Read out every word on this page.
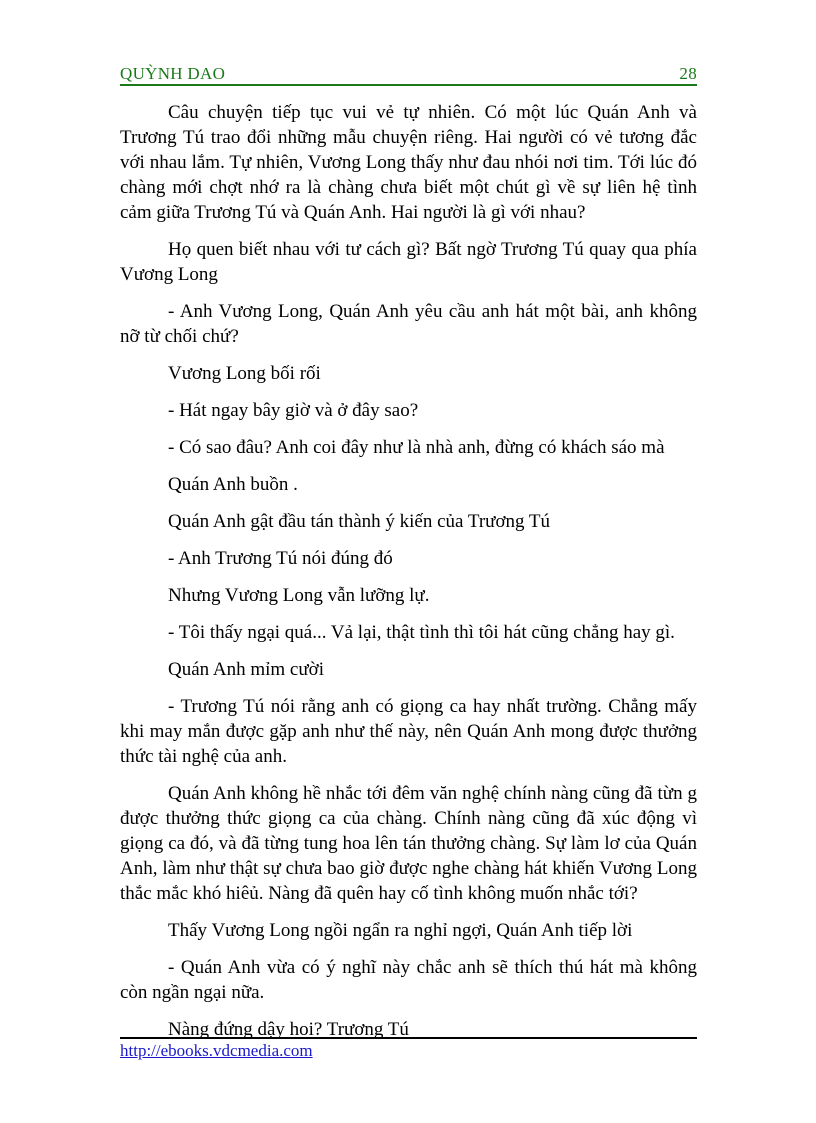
QUỲNH DAO	28

Câu chuyện tiếp tục vui vẻ tự nhiên. Có một lúc Quán Anh và Trương Tú trao đổi những mẫu chuyện riêng. Hai người có vẻ tương đắc với nhau lắm. Tự nhiên, Vương Long thấy như đau nhói nơi tim. Tới lúc đó chàng mới chợt nhớ ra là chàng chưa biết một chút gì về sự liên hệ tình cảm giữa Trương Tú và Quán Anh. Hai người là gì với nhau?

Họ quen biết nhau với tư cách gì? Bất ngờ Trương Tú quay qua phía Vương Long

- Anh Vương Long, Quán Anh yêu cầu anh hát một bài, anh không nỡ từ chối chứ?

Vương Long bối rối

- Hát ngay bây giờ và ở đây sao?

- Có sao đâu? Anh coi đây như là nhà anh, đừng có khách sáo mà

Quán Anh buồn .

Quán Anh gật đầu tán thành ý kiến của Trương Tú

- Anh Trương Tú nói đúng đó

Nhưng Vương Long vẫn lưỡng lự.

- Tôi thấy ngại quá... Vả lại, thật tình thì tôi hát cũng chẳng hay gì.

Quán Anh mỉm cười

- Trương Tú nói rằng anh có giọng ca hay nhất trường. Chẳng mấy khi may mắn được gặp anh như thế này, nên Quán Anh mong được thưởng thức tài nghệ của anh.

Quán Anh không hề nhắc tới đêm văn nghệ chính nàng cũng đã từn g được thưởng thức giọng ca của chàng. Chính nàng cũng đã xúc động vì giọng ca đó, và đã từng tung hoa lên tán thưởng chàng. Sự làm lơ của Quán Anh, làm như thật sự chưa bao giờ được nghe chàng hát khiến Vương Long thắc mắc khó hiêủ. Nàng đã quên hay cố tình không muốn nhắc tới?

Thấy Vương Long ngồi ngẩn ra nghỉ ngợi, Quán Anh tiếp lời

- Quán Anh vừa có ý nghĩ này chắc anh sẽ thích thú hát mà không còn ngần ngại nữa.

Nàng đứng dậy hoi? Trương Tú

http://ebooks.vdcmedia.com
